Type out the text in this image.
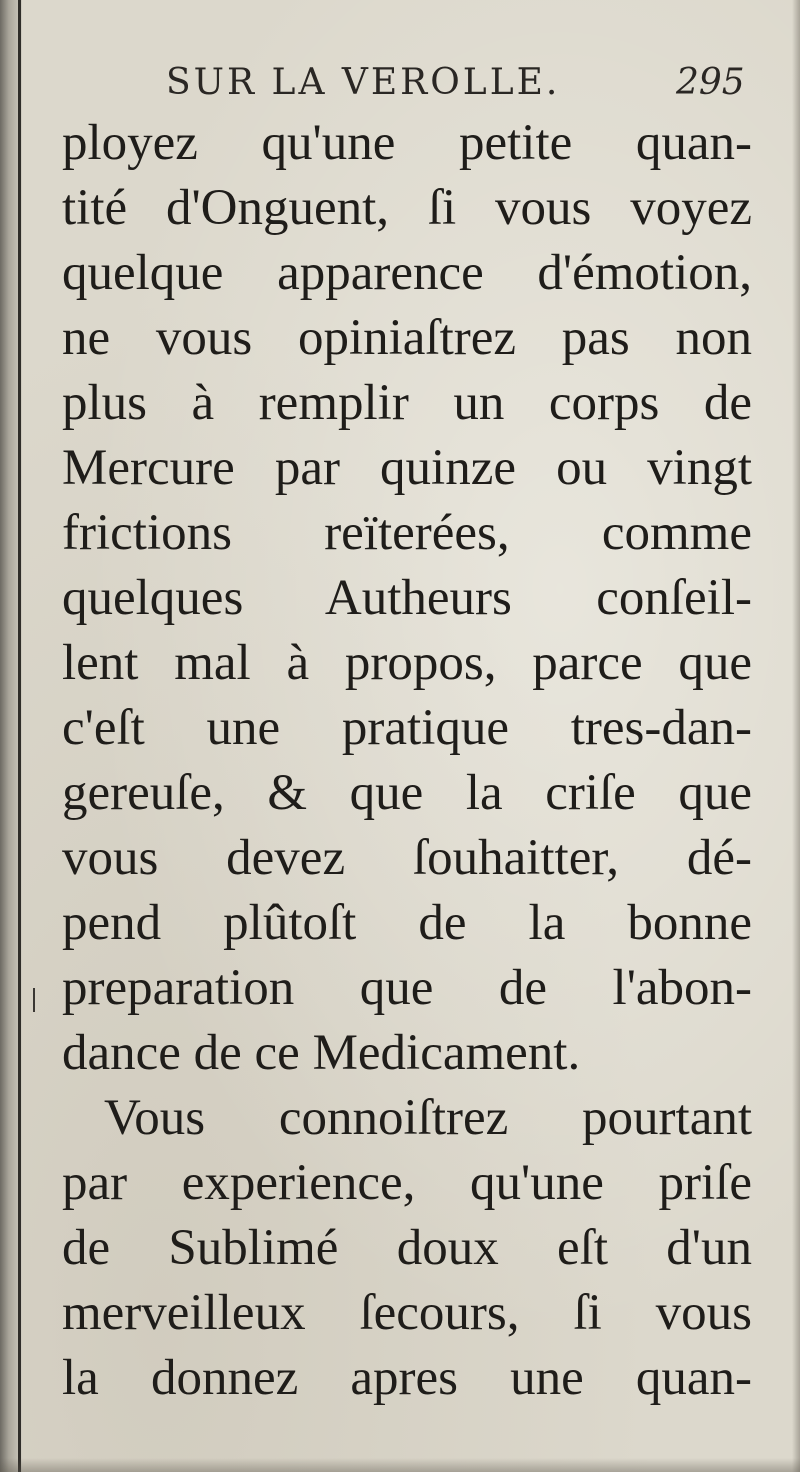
SUR LA VEROLLE.	295
ployez qu'une petite quan-
tité d'Onguent, ſi vous voyez
quelque apparence d'émotion,
ne vous opiniaſtrez pas non
plus à remplir un corps de
Mercure par quinze ou vingt
frictions reïterées, comme
quelques Autheurs conſeil-
lent mal à propos, parce que
c'eſt une pratique tres-dan-
gereuſe, & que la criſe que
vous devez ſouhaitter, dé-
pend plûtoſt de la bonne
preparation que de l'abon-
dance de ce Medicament.
Vous connoiſtrez pourtant
par experience, qu'une priſe
de Sublimé doux eſt d'un
merveilleux ſecours, ſi vous
la donnez apres une quan-
